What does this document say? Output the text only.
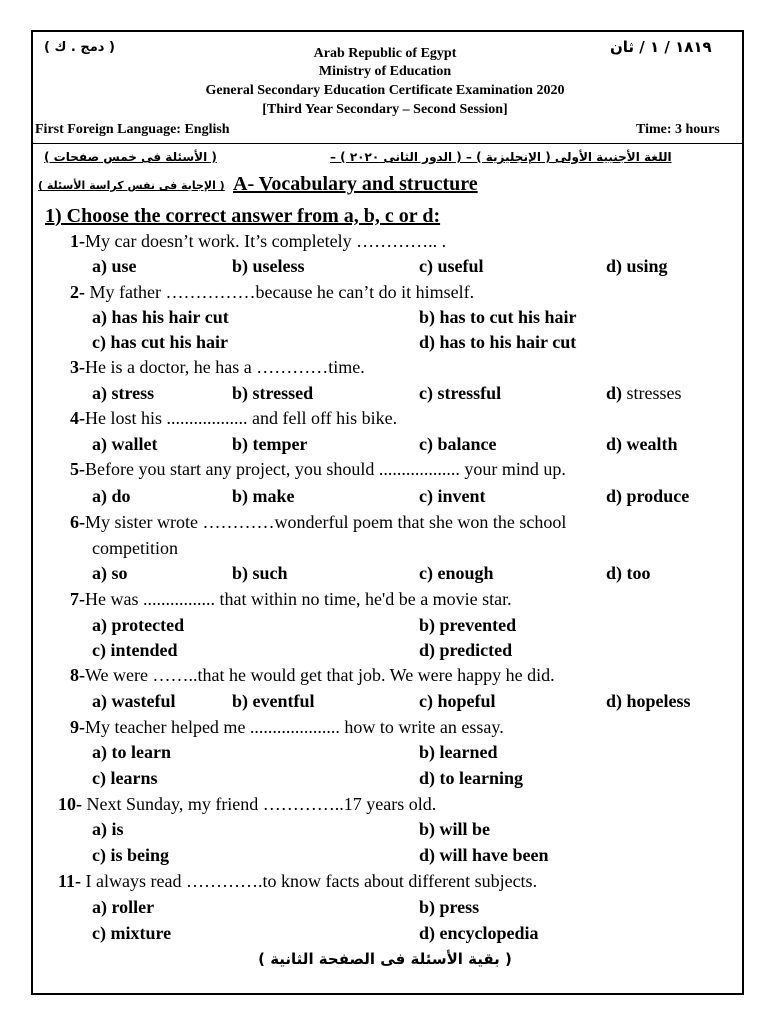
١٨١٩ / ١ / ثان
( دمج . ك )	Arab Republic of Egypt
Ministry of Education
General Secondary Education Certificate Examination 2020
[Third Year Secondary – Second Session]
First Foreign Language: English	Time: 3 hours
اللغة الأجنبية الأولى ( الإنجليزية ) – ( الدور الثانى ٢٠٢٠ ) –
( الأسئلة فى خمس صفحات )
( الإجابة فى نفس كراسة الأسئلة ) A- Vocabulary and structure
1) Choose the correct answer from a, b, c or d:
1-My car doesn’t work. It’s completely ………….. .
a) use	b) useless	c) useful	d) using
2- My father ……………because he can’t do it himself.
a) has his hair cut	b) has to cut his hair
c) has cut his hair	d) has to his hair cut
3-He is a doctor, he has a …………time.
a) stress	b) stressed	c) stressful	d) stresses
4-He lost his .................. and fell off his bike.
a) wallet	b) temper	c) balance	d) wealth
5-Before you start any project, you should .................. your mind up.
a) do	b) make	c) invent	d) produce
6-My sister wrote …………wonderful poem that she won the school
competition
a) so	b) such	c) enough	d) too
7-He was ................ that within no time, he'd be a movie star.
a) protected	b) prevented
c) intended	d) predicted
8-We were ……..that he would get that job. We were happy he did.
a) wasteful	b) eventful	c) hopeful	d) hopeless
9-My teacher helped me .................... how to write an essay.
a) to learn	b) learned
c) learns	d) to learning
10- Next Sunday, my friend …………..17 years old.
a) is	b) will be
c) is being	d) will have been
11- I always read ………….to know facts about different subjects.
a) roller	b) press
c) mixture	d) encyclopedia
( بقية الأسئلة فى الصفحة الثانية )
